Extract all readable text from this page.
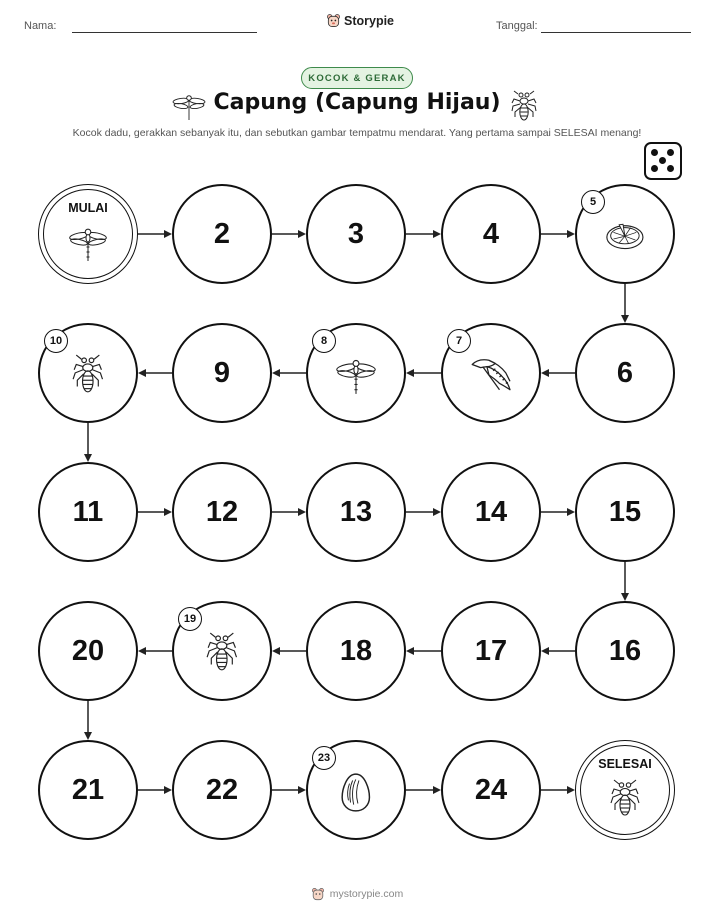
Nama:	Storypie	Tanggal:
KOCOK & GERAK
Capung (Capung Hijau)
Kocok dadu, gerakkan sebanyak itu, dan sebutkan gambar tempatmu mendarat. Yang pertama sampai SELESAI menang!
MULAI
2	3	4
5
6
7
8
9
10
11	12	13	14	15
16
17
18
19
20
21	22
23
24
SELESAI
mystorypie.com
